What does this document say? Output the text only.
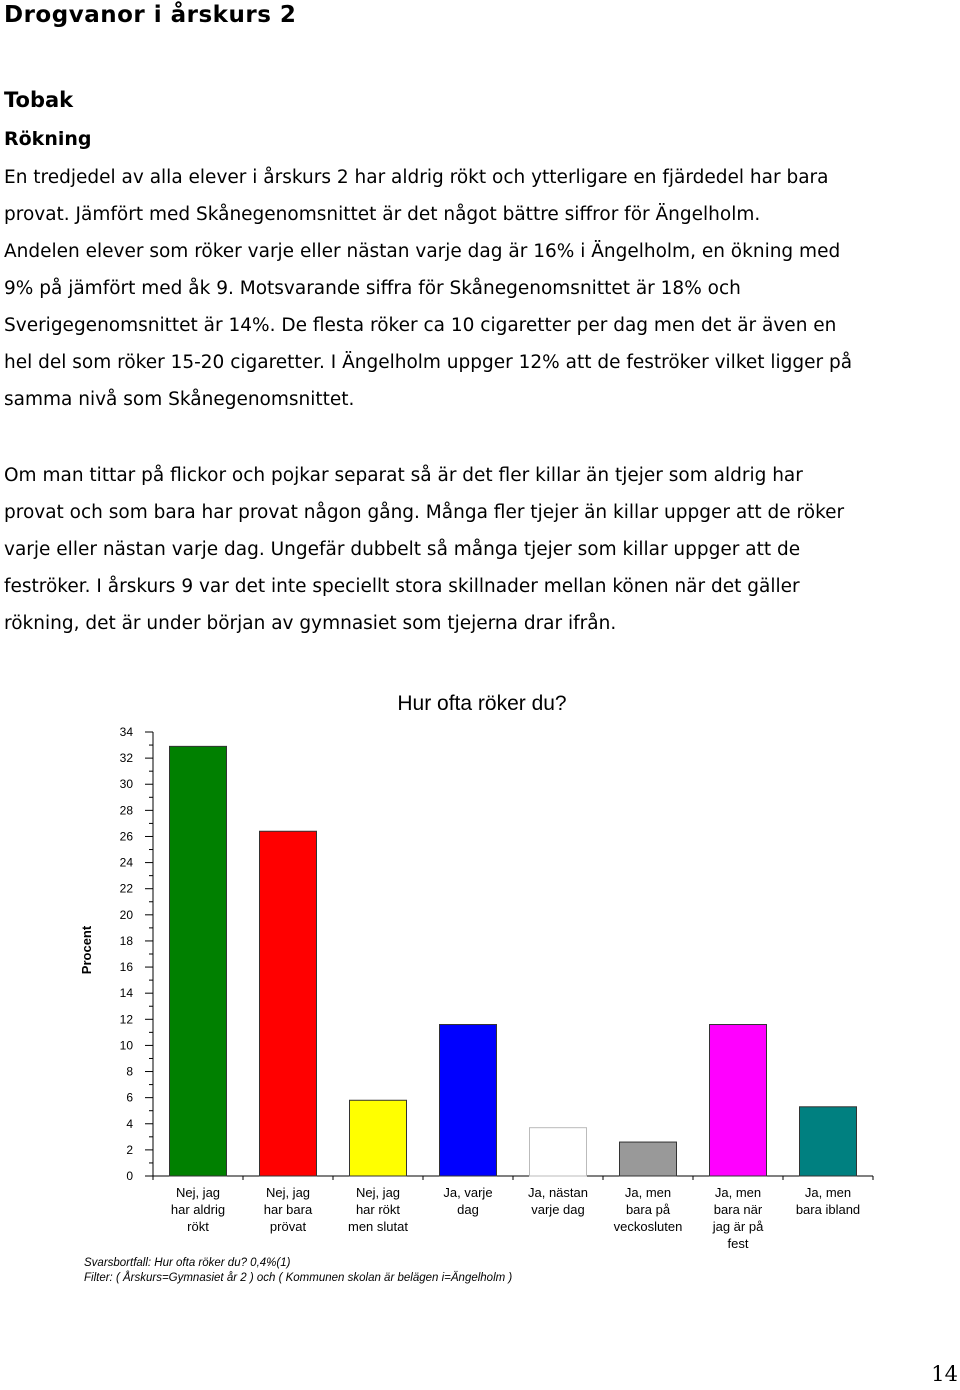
Drogvanor i årskurs 2
Tobak
Rökning

En tredjedel av alla elever i årskurs 2 har aldrig rökt och ytterligare en fjärdedel har bara
provat. Jämfört med Skånegenomsnittet är det något bättre siffror för Ängelholm.
Andelen elever som röker varje eller nästan varje dag är 16% i Ängelholm, en ökning med
9% på jämfört med åk 9. Motsvarande siffra för Skånegenomsnittet är 18% och
Sverigegenomsnittet är 14%. De flesta röker ca 10 cigaretter per dag men det är även en
hel del som röker 15-20 cigaretter. I Ängelholm uppger 12% att de feströker vilket ligger på
samma nivå som Skånegenomsnittet.

Om man tittar på flickor och pojkar separat så är det fler killar än tjejer som aldrig har
provat och som bara har provat någon gång. Många fler tjejer än killar uppger att de röker
varje eller nästan varje dag. Ungefär dubbelt så många tjejer som killar uppger att de
feströker. I årskurs 9 var det inte speciellt stora skillnader mellan könen när det gäller
rökning, det är under början av gymnasiet som tjejerna drar ifrån.

Hur ofta röker du?
Procent
0
2
4
6
8
10
12
14
16
18
20
22
24
26
28
30
32
34
Nej, jag har aldrig rökt
Nej, jag har bara prövat
Nej, jag har rökt men slutat
Ja, varje dag
Ja, nästan varje dag
Ja, men bara på veckosluten
Ja, men bara när jag är på fest
Ja, men bara ibland
Svarsbortfall: Hur ofta röker du? 0,4%(1)
Filter: ( Årskurs=Gymnasiet år 2 ) och ( Kommunen skolan är belägen i=Ängelholm )
14
